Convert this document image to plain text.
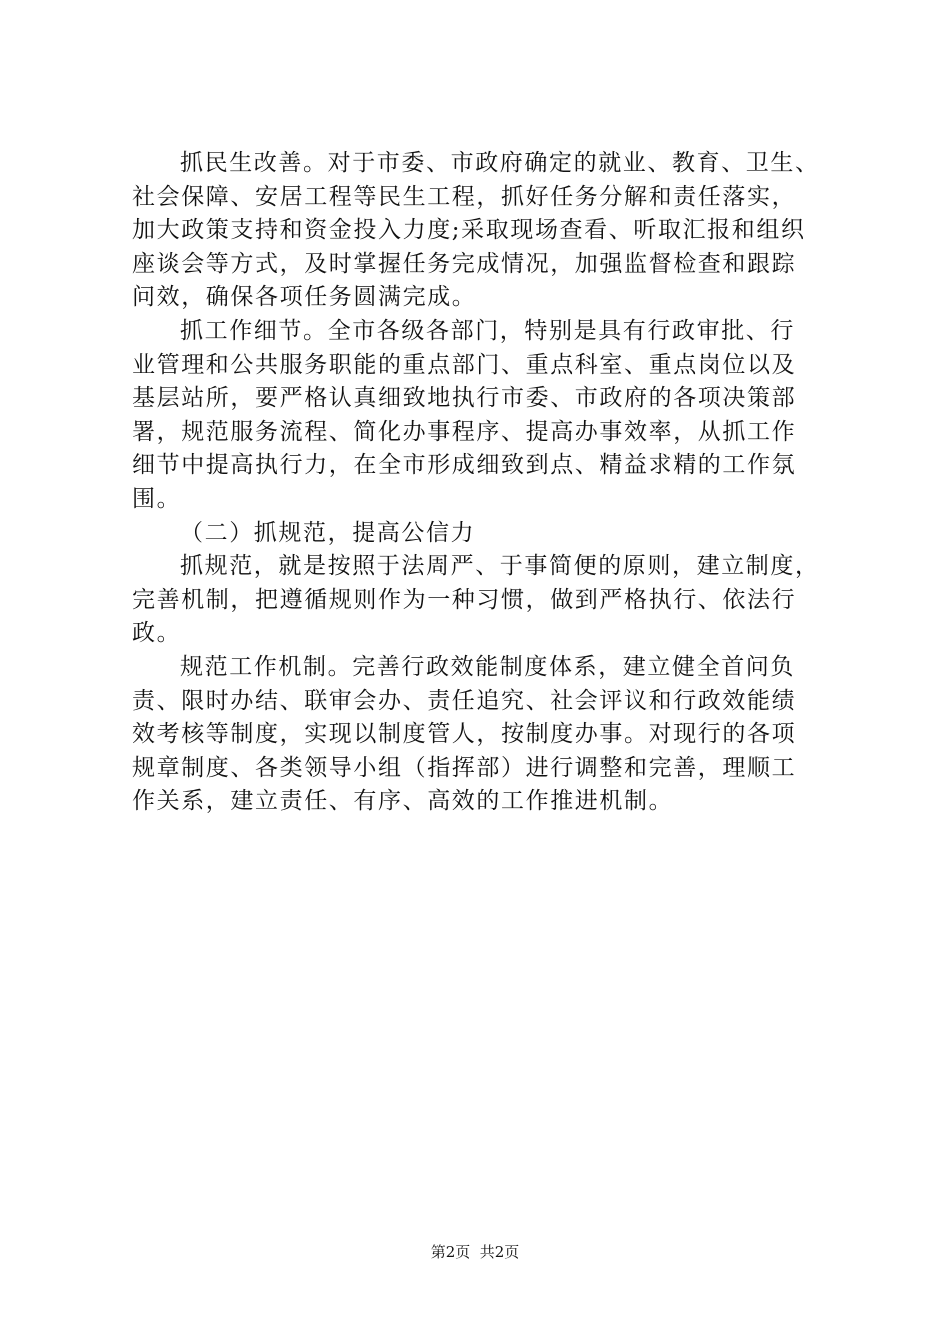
抓民生改善。对于市委、市政府确定的就业、教育、卫生、
社会保障、安居工程等民生工程，抓好任务分解和责任落实，
加大政策支持和资金投入力度;采取现场查看、听取汇报和组织
座谈会等方式，及时掌握任务完成情况，加强监督检查和跟踪
问效，确保各项任务圆满完成。
抓工作细节。全市各级各部门，特别是具有行政审批、行
业管理和公共服务职能的重点部门、重点科室、重点岗位以及
基层站所，要严格认真细致地执行市委、市政府的各项决策部
署，规范服务流程、简化办事程序、提高办事效率，从抓工作
细节中提高执行力，在全市形成细致到点、精益求精的工作氛
围。
（二）抓规范，提高公信力
抓规范，就是按照于法周严、于事简便的原则，建立制度，
完善机制，把遵循规则作为一种习惯，做到严格执行、依法行
政。
规范工作机制。完善行政效能制度体系，建立健全首问负
责、限时办结、联审会办、责任追究、社会评议和行政效能绩
效考核等制度，实现以制度管人，按制度办事。对现行的各项
规章制度、各类领导小组（指挥部）进行调整和完善，理顺工
作关系，建立责任、有序、高效的工作推进机制。
第2页  共2页
